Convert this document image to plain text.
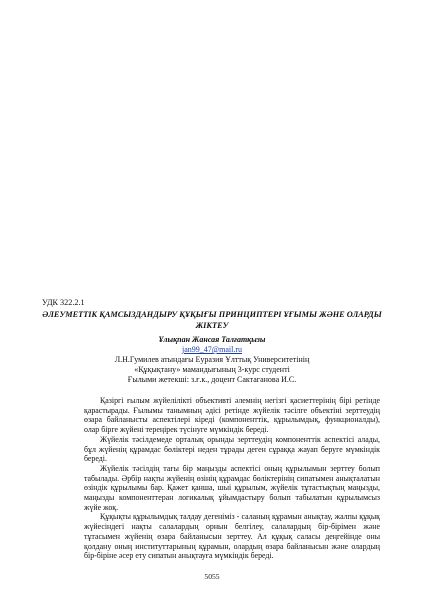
УДК 322.2.1
ӘЛЕУМЕТТІК ҚАМСЫЗДАНДЫРУ ҚҰҚЫҒЫ ПРИНЦИПТЕРІ ҰҒЫМЫ ЖӘНЕ ОЛАРДЫ ЖІКТЕУ
Ұлықпан Жансая Талғатқызы
jan99_47@mail.ru
Л.Н.Гумилев атындағы Еуразия Ұлттық Университетінің
«Құқықтану» мамандығының 3-курс студенті
Ғылыми жетекші: з.ғ.к., доцент Сактаганова И.С.

Қазіргі ғылым жүйелілікті объективті әлемнің негізгі қасиеттерінің бірі ретінде қарастырады. Ғылымы танымның әдісі ретінде жүйелік тәсілге объектіні зерттеудің өзара байланысты аспектілері кіреді (компоненттік, құрылымдық, функционалды), олар бірге жүйені тереңірек түсінуге мүмкіндік береді.

Жүйелік тәсілдемеде орталық орынды зерттеудің компоненттік аспектісі алады, бұл жүйенің құрамдас бөліктері неден тұрады деген сұраққа жауап беруге мүмкіндік береді.

Жүйелік тәсілдің тағы бір маңызды аспектісі оның құрылымын зерттеу болып табылады. Әрбір нақты жүйенің өзінің құрамдас бөліктерінің сипатымен анықталатын өзіндік құрылымы бар. Қажет қанша, шыі құрылым, жүйелік тұтастықтың маңызды, маңызды компоненттеран логикалық ұйымдастыру болып табылатын құрылымсыз жүйе жоқ.

Құқықты құрылымдық талдау дегеніміз - саланың құрамын анықтау, жалпы құқық жүйесіндегі нақты салалардың орнын белгілеу, салалардың бір-бірімен және тұтасымен жүйенің өзара байланысын зерттеу. Ал құқық саласы деңгейінде оны қолдану оның институттарының құрамын, олардың өзара байланысын және олардың бір-біріне әсер ету сипатын анықтауға мүмкіндік береді.

5055
